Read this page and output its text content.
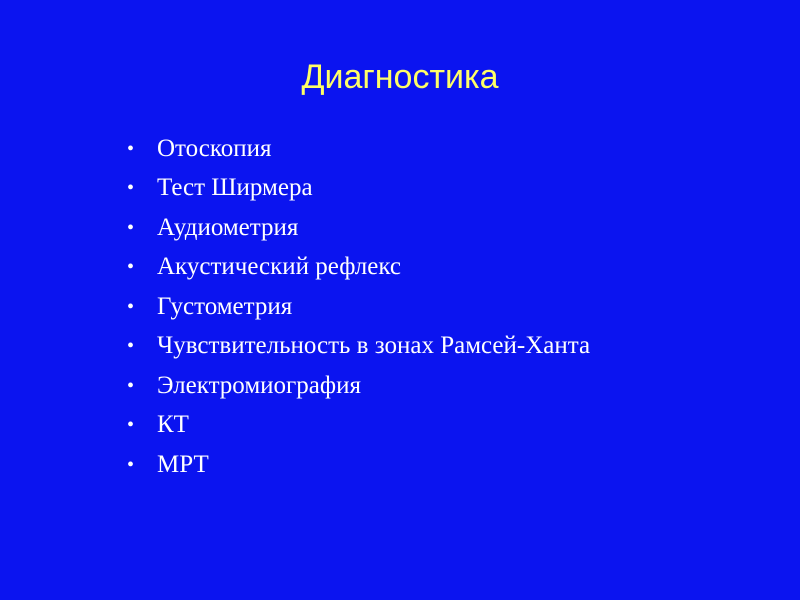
Диагностика
• Отоскопия
• Тест Ширмера
• Аудиометрия
• Акустический рефлекс
• Густометрия
• Чувствительность в зонах Рамсей-Ханта
• Электромиография
• КТ
• МРТ
